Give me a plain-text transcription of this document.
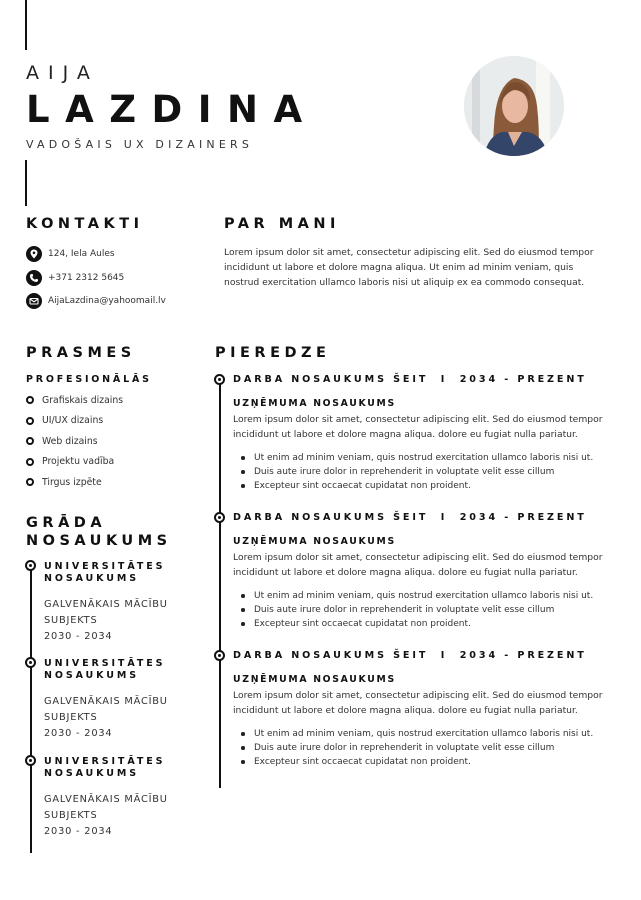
AIJA
LAZDINA
VADOŠAIS UX DIZAINERS
KONTAKTI
124, Iela Aules
+371 2312 5645
AijaLazdina@yahoomail.lv
PAR MANI
Lorem ipsum dolor sit amet, consectetur adipiscing elit. Sed do eiusmod tempor incididunt ut labore et dolore magna aliqua. Ut enim ad minim veniam, quis nostrud exercitation ullamco laboris nisi ut aliquip ex ea commodo consequat.
PRASMES
PROFESIONĀLĀS
Grafiskais dizains
UI/UX dizains
Web dizains
Projektu vadība
Tirgus izpēte
GRĀDA
NOSAUKUMS
UNIVERSITĀTES
NOSAUKUMS
GALVENĀKAIS MĀCĪBU
SUBJEKTS
2030 - 2034
UNIVERSITĀTES
NOSAUKUMS
GALVENĀKAIS MĀCĪBU
SUBJEKTS
2030 - 2034
UNIVERSITĀTES
NOSAUKUMS
GALVENĀKAIS MĀCĪBU
SUBJEKTS
2030 - 2034
PIEREDZE
DARBA NOSAUKUMS ŠEIT  I  2034 - PREZENT
UZŅĒMUMA NOSAUKUMS
Lorem ipsum dolor sit amet, consectetur adipiscing elit. Sed do eiusmod tempor incididunt ut labore et dolore magna aliqua. dolore eu fugiat nulla pariatur.
Ut enim ad minim veniam, quis nostrud exercitation ullamco laboris nisi ut.
Duis aute irure dolor in reprehenderit in voluptate velit esse cillum
Excepteur sint occaecat cupidatat non proident.
DARBA NOSAUKUMS ŠEIT  I  2034 - PREZENT
UZŅĒMUMA NOSAUKUMS
Lorem ipsum dolor sit amet, consectetur adipiscing elit. Sed do eiusmod tempor incididunt ut labore et dolore magna aliqua. dolore eu fugiat nulla pariatur.
Ut enim ad minim veniam, quis nostrud exercitation ullamco laboris nisi ut.
Duis aute irure dolor in reprehenderit in voluptate velit esse cillum
Excepteur sint occaecat cupidatat non proident.
DARBA NOSAUKUMS ŠEIT  I  2034 - PREZENT
UZŅĒMUMA NOSAUKUMS
Lorem ipsum dolor sit amet, consectetur adipiscing elit. Sed do eiusmod tempor incididunt ut labore et dolore magna aliqua. dolore eu fugiat nulla pariatur.
Ut enim ad minim veniam, quis nostrud exercitation ullamco laboris nisi ut.
Duis aute irure dolor in reprehenderit in voluptate velit esse cillum
Excepteur sint occaecat cupidatat non proident.
